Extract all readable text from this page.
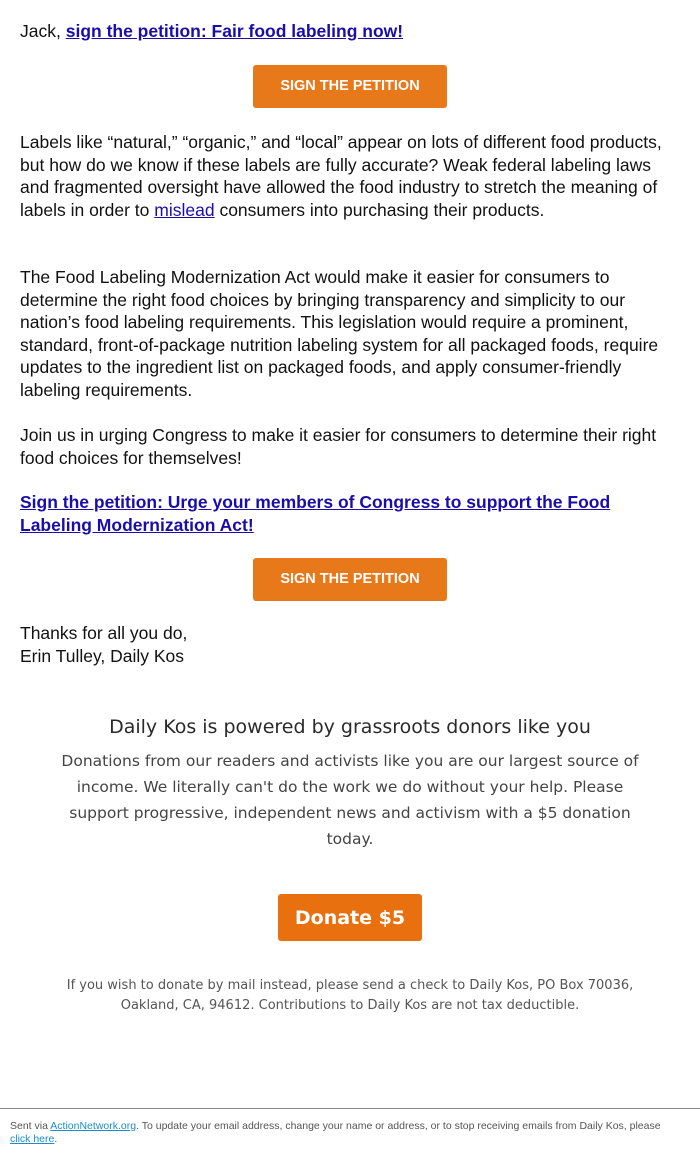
Jack, sign the petition: Fair food labeling now!
SIGN THE PETITION

Labels like “natural,” “organic,” and “local” appear on lots of different food products, but how do we know if these labels are fully accurate? Weak federal labeling laws and fragmented oversight have allowed the food industry to stretch the meaning of labels in order to mislead consumers into purchasing their products.

The Food Labeling Modernization Act would make it easier for consumers to determine the right food choices by bringing transparency and simplicity to our nation’s food labeling requirements. This legislation would require a prominent, standard, front-of-package nutrition labeling system for all packaged foods, require updates to the ingredient list on packaged foods, and apply consumer-friendly labeling requirements.

Join us in urging Congress to make it easier for consumers to determine their right food choices for themselves!

Sign the petition: Urge your members of Congress to support the Food Labeling Modernization Act!

SIGN THE PETITION
Thanks for all you do,
Erin Tulley, Daily Kos

Daily Kos is powered by grassroots donors like you

Donations from our readers and activists like you are our largest source of income. We literally can't do the work we do without your help. Please support progressive, independent news and activism with a $5 donation today.

Donate $5
If you wish to donate by mail instead, please send a check to Daily Kos, PO Box 70036, Oakland, CA, 94612. Contributions to Daily Kos are not tax deductible.
Sent via ActionNetwork.org. To update your email address, change your name or address, or to stop receiving emails from Daily Kos, please click here.
